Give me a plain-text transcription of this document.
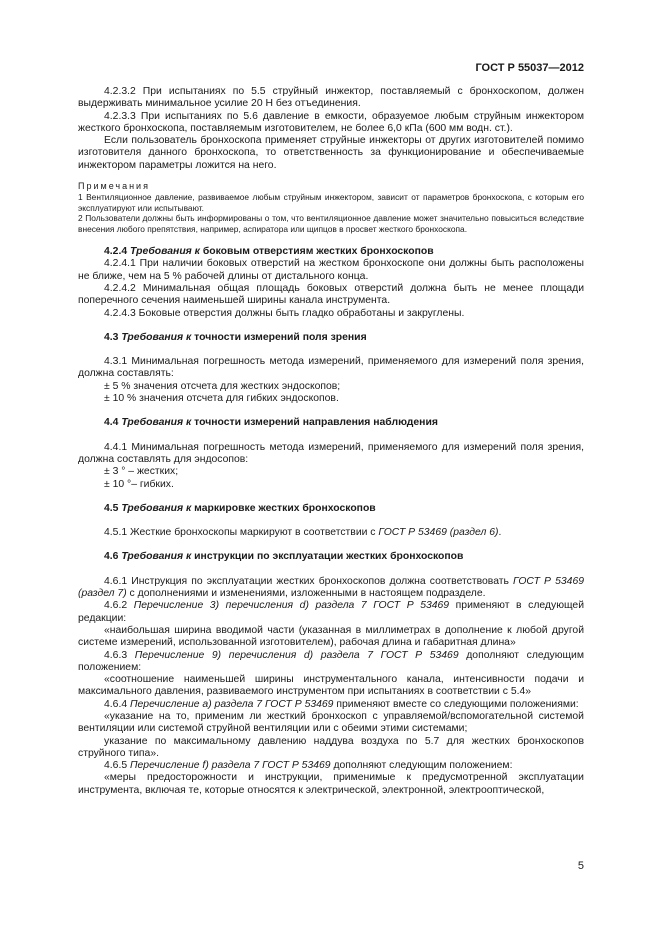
ГОСТ Р 55037—2012

4.2.3.2 При испытаниях по 5.5 струйный инжектор, поставляемый с бронхоскопом, должен выдерживать минимальное усилие 20 Н без отъединения.

4.2.3.3 При испытаниях по 5.6 давление в емкости, образуемое любым струйным инжектором жесткого бронхоскопа, поставляемым изготовителем, не более 6,0 кПа (600 мм водн. ст.).

Если пользователь бронхоскопа применяет струйные инжекторы от других изготовителей помимо изготовителя данного бронхоскопа, то ответственность за функционирование и обеспечиваемые инжектором параметры ложится на него.

Примечания
1 Вентиляционное давление, развиваемое любым струйным инжектором, зависит от параметров бронхоскопа, с которым его эксплуатируют или испытывают.
2 Пользователи должны быть информированы о том, что вентиляционное давление может значительно повыситься вследствие внесения любого препятствия, например, аспиратора или щипцов в просвет жесткого бронхоскопа.

4.2.4 Требования к боковым отверстиям жестких бронхоскопов

4.2.4.1 При наличии боковых отверстий на жестком бронхоскопе они должны быть расположены не ближе, чем на 5 % рабочей длины от дистального конца.

4.2.4.2 Минимальная общая площадь боковых отверстий должна быть не менее площади поперечного сечения наименьшей ширины канала инструмента.

4.2.4.3 Боковые отверстия должны быть гладко обработаны и закруглены.

4.3 Требования к точности измерений поля зрения

4.3.1 Минимальная погрешность метода измерений, применяемого для измерений поля зрения, должна составлять:

± 5 % значения отсчета для жестких эндоскопов;

± 10 % значения отсчета для гибких эндоскопов.

4.4 Требования к точности измерений направления наблюдения

4.4.1 Минимальная погрешность метода измерений, применяемого для измерений поля зрения, должна составлять для эндосопов:

± 3 ° – жестких;

± 10 °– гибких.

4.5 Требования к маркировке жестких бронхоскопов

4.5.1 Жесткие бронхоскопы маркируют в соответствии с ГОСТ Р 53469 (раздел 6).

4.6 Требования к инструкции по эксплуатации жестких бронхоскопов

4.6.1 Инструкция по эксплуатации жестких бронхоскопов должна соответствовать ГОСТ Р 53469 (раздел 7) с дополнениями и изменениями, изложенными в настоящем подразделе.

4.6.2 Перечисление 3) перечисления d) раздела 7 ГОСТ Р 53469 применяют в следующей редакции:

«наибольшая ширина вводимой части (указанная в миллиметрах в дополнение к любой другой системе измерений, использованной изготовителем), рабочая длина и габаритная длина»

4.6.3 Перечисление 9) перечисления d) раздела 7 ГОСТ Р 53469 дополняют следующим положением:

«соотношение наименьшей ширины инструментального канала, интенсивности подачи и максимального давления, развиваемого инструментом при испытаниях в соответствии с 5.4»

4.6.4 Перечисление a) раздела 7 ГОСТ Р 53469 применяют вместе со следующими положениями:

«указание на то, применим ли жесткий бронхоскоп с управляемой/вспомогательной системой вентиляции или системой струйной вентиляции или с обеими этими системами;

указание по максимальному давлению наддува воздуха по 5.7 для жестких бронхоскопов струйного типа».

4.6.5 Перечисление f) раздела 7 ГОСТ Р 53469 дополняют следующим положением:

«меры предосторожности и инструкции, применимые к предусмотренной эксплуатации инструмента, включая те, которые относятся к электрической, электронной, электрооптической,

5
